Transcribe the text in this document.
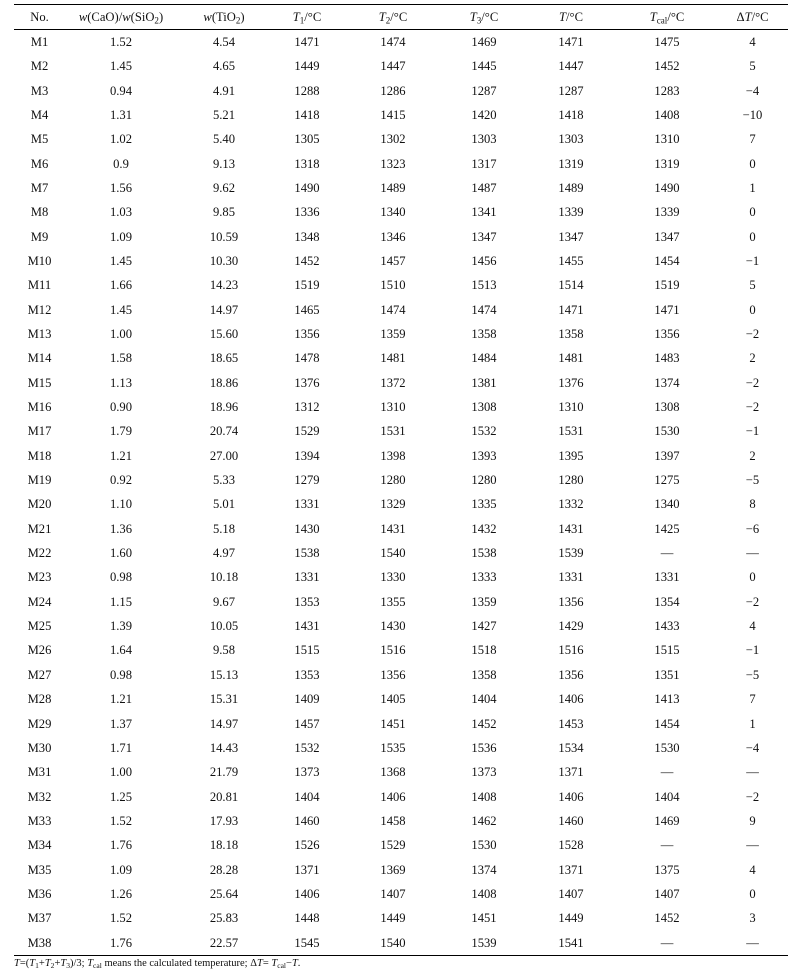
No.	w(CaO)/w(SiO$_2$)	w(TiO$_2$)	$T_1/^\circ C$	$T_2/^\circ C$	$T_3/^\circ C$	T/°C	$T_{cal}/^\circ C$	ΔT/°C
M1	1.52	4.54	1471	1474	1469	1471	1475	4
M2	1.45	4.65	1449	1447	1445	1447	1452	5
M3	0.94	4.91	1288	1286	1287	1287	1283	−4
M4	1.31	5.21	1418	1415	1420	1418	1408	−10
M5	1.02	5.40	1305	1302	1303	1303	1310	7
M6	0.9	9.13	1318	1323	1317	1319	1319	0
M7	1.56	9.62	1490	1489	1487	1489	1490	1
M8	1.03	9.85	1336	1340	1341	1339	1339	0
M9	1.09	10.59	1348	1346	1347	1347	1347	0
M10	1.45	10.30	1452	1457	1456	1455	1454	−1
M11	1.66	14.23	1519	1510	1513	1514	1519	5
M12	1.45	14.97	1465	1474	1474	1471	1471	0
M13	1.00	15.60	1356	1359	1358	1358	1356	−2
M14	1.58	18.65	1478	1481	1484	1481	1483	2
M15	1.13	18.86	1376	1372	1381	1376	1374	−2
M16	0.90	18.96	1312	1310	1308	1310	1308	−2
M17	1.79	20.74	1529	1531	1532	1531	1530	−1
M18	1.21	27.00	1394	1398	1393	1395	1397	2
M19	0.92	5.33	1279	1280	1280	1280	1275	−5
M20	1.10	5.01	1331	1329	1335	1332	1340	8
M21	1.36	5.18	1430	1431	1432	1431	1425	−6
M22	1.60	4.97	1538	1540	1538	1539	—	—
M23	0.98	10.18	1331	1330	1333	1331	1331	0
M24	1.15	9.67	1353	1355	1359	1356	1354	−2
M25	1.39	10.05	1431	1430	1427	1429	1433	4
M26	1.64	9.58	1515	1516	1518	1516	1515	−1
M27	0.98	15.13	1353	1356	1358	1356	1351	−5
M28	1.21	15.31	1409	1405	1404	1406	1413	7
M29	1.37	14.97	1457	1451	1452	1453	1454	1
M30	1.71	14.43	1532	1535	1536	1534	1530	−4
M31	1.00	21.79	1373	1368	1373	1371	—	—
M32	1.25	20.81	1404	1406	1408	1406	1404	−2
M33	1.52	17.93	1460	1458	1462	1460	1469	9
M34	1.76	18.18	1526	1529	1530	1528	—	—
M35	1.09	28.28	1371	1369	1374	1371	1375	4
M36	1.26	25.64	1406	1407	1408	1407	1407	0
M37	1.52	25.83	1448	1449	1451	1449	1452	3
M38	1.76	22.57	1545	1540	1539	1541	—	—
$T=(T_1+T_2+T_3)/3$; $T_{cal}$ means the calculated temperature; $\Delta T= T_{cal}-T$.
